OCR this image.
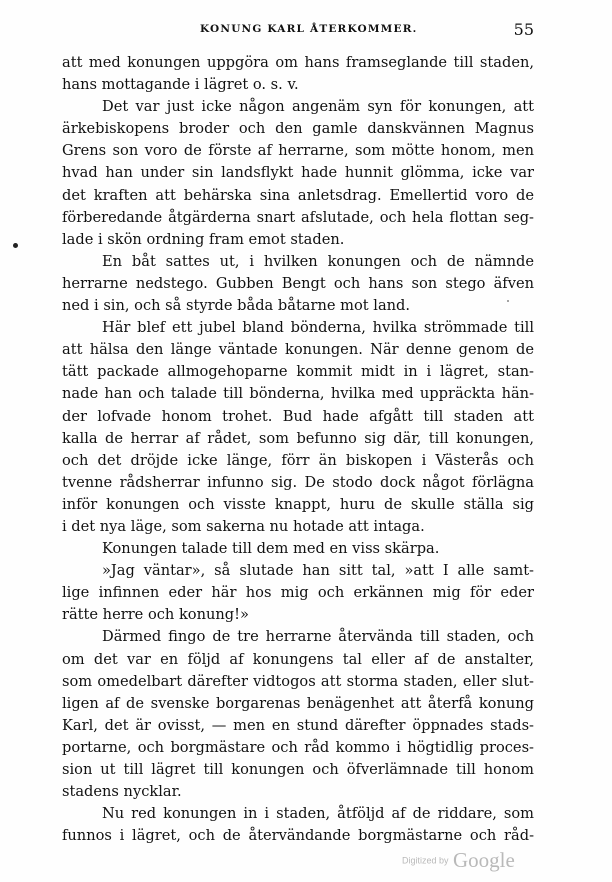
KONUNG KARL ÅTERKOMMER.	55
att med konungen uppgöra om hans framseglande till staden,
hans mottagande i lägret o. s. v.
Det var just icke någon angenäm syn för konungen, att
ärkebiskopens broder och den gamle danskvännen Magnus
Grens son voro de förste af herrarne, som mötte honom, men
hvad han under sin landsflykt hade hunnit glömma, icke var
det kraften att behärska sina anletsdrag. Emellertid voro de
förberedande åtgärderna snart afslutade, och hela flottan seg-
lade i skön ordning fram emot staden.
En båt sattes ut, i hvilken konungen och de nämnde
herrarne nedstego. Gubben Bengt och hans son stego äfven
ned i sin, och så styrde båda båtarne mot land.
Här blef ett jubel bland bönderna, hvilka strömmade till
att hälsa den länge väntade konungen. När denne genom de
tätt packade allmogehoparne kommit midt in i lägret, stan-
nade han och talade till bönderna, hvilka med uppräckta hän-
der lofvade honom trohet. Bud hade afgått till staden att
kalla de herrar af rådet, som befunno sig där, till konungen,
och det dröjde icke länge, förr än biskopen i Västerås och
tvenne rådsherrar infunno sig. De stodo dock något förlägna
inför konungen och visste knappt, huru de skulle ställa sig
i det nya läge, som sakerna nu hotade att intaga.
Konungen talade till dem med en viss skärpa.
»Jag väntar», så slutade han sitt tal, »att I alle samt-
lige infinnen eder här hos mig och erkännen mig för eder
rätte herre och konung!»
Därmed fingo de tre herrarne återvända till staden, och
om det var en följd af konungens tal eller af de anstalter,
som omedelbart därefter vidtogos att storma staden, eller slut-
ligen af de svenske borgarenas benägenhet att återfå konung
Karl, det är ovisst, — men en stund därefter öppnades stads-
portarne, och borgmästare och råd kommo i högtidlig proces-
sion ut till lägret till konungen och öfverlämnade till honom
stadens nycklar.
Nu red konungen in i staden, åtföljd af de riddare, som
funnos i lägret, och de återvändande borgmästarne och råd-
Digitized by Google
